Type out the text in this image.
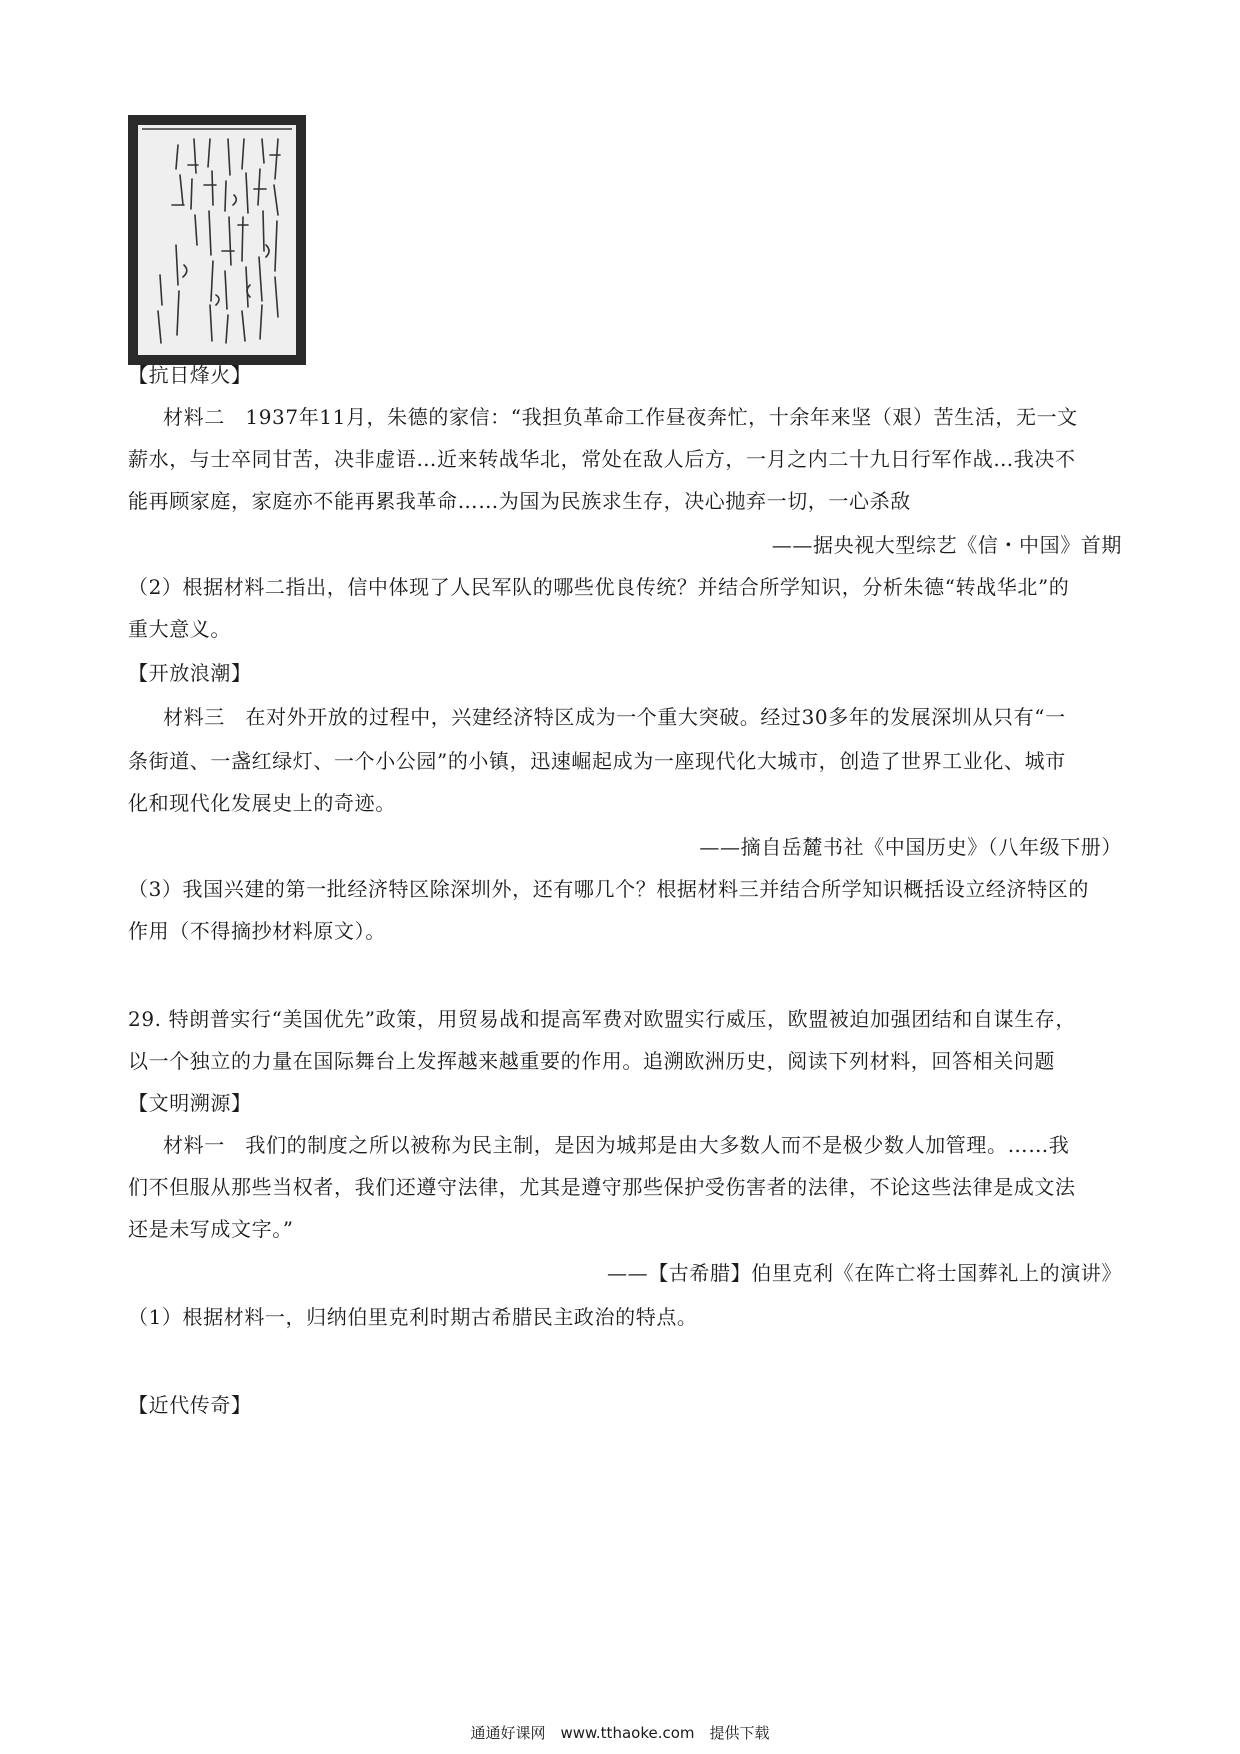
【抗日烽火】
材料二　1937年11月，朱德的家信：“我担负革命工作昼夜奔忙，十余年来坚（艰）苦生活，无一文
薪水，与士卒同甘苦，决非虚语…近来转战华北，常处在敌人后方，一月之内二十九日行军作战…我决不
能再顾家庭，家庭亦不能再累我革命……为国为民族求生存，决心抛弃一切，一心杀敌
——据央视大型综艺《信・中国》首期
（2）根据材料二指出，信中体现了人民军队的哪些优良传统？并结合所学知识，分析朱德“转战华北”的
重大意义。
【开放浪潮】
材料三　在对外开放的过程中，兴建经济特区成为一个重大突破。经过30多年的发展深圳从只有“一
条街道、一盏红绿灯、一个小公园”的小镇，迅速崛起成为一座现代化大城市，创造了世界工业化、城市
化和现代化发展史上的奇迹。
——摘自岳麓书社《中国历史》（八年级下册）
（3）我国兴建的第一批经济特区除深圳外，还有哪几个？根据材料三并结合所学知识概括设立经济特区的
作用（不得摘抄材料原文）。
29. 特朗普实行“美国优先”政策，用贸易战和提高军费对欧盟实行威压，欧盟被迫加强团结和自谋生存，
以一个独立的力量在国际舞台上发挥越来越重要的作用。追溯欧洲历史，阅读下列材料，回答相关问题
【文明溯源】
材料一　我们的制度之所以被称为民主制，是因为城邦是由大多数人而不是极少数人加管理。……我
们不但服从那些当权者，我们还遵守法律，尤其是遵守那些保护受伤害者的法律，不论这些法律是成文法
还是未写成文字。”
——【古希腊】伯里克利《在阵亡将士国葬礼上的演讲》
（1）根据材料一，归纳伯里克利时期古希腊民主政治的特点。
【近代传奇】
通通好课网　www.tthaoke.com　提供下载
